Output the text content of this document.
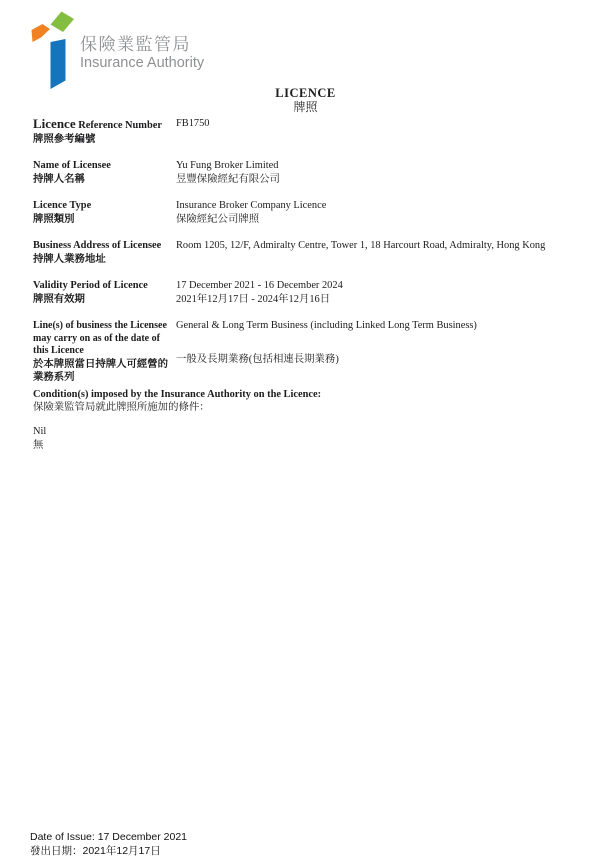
保險業監管局
Insurance Authority
LICENCE
牌照
Licence Reference Number
牌照參考編號
FB1750
Name of Licensee
持牌人名稱
Yu Fung Broker Limited
昱豐保險經紀有限公司
Licence Type
牌照類別
Insurance Broker Company Licence
保險經紀公司牌照
Business Address of Licensee
持牌人業務地址
Room 1205, 12/F, Admiralty Centre, Tower 1, 18 Harcourt Road, Admiralty, Hong Kong
Validity Period of Licence
牌照有效期
17 December 2021 - 16 December 2024
2021年12月17日 - 2024年12月16日
Line(s) of business the Licensee
may carry on as of the date of
this Licence
於本牌照當日持牌人可經營的
業務系列
General & Long Term Business (including Linked Long Term Business)
一般及長期業務(包括相連長期業務)
Condition(s) imposed by the Insurance Authority on the Licence:
保險業監管局就此牌照所施加的條件：
Nil
無
Date of Issue: 17 December 2021
發出日期：2021年12月17日
